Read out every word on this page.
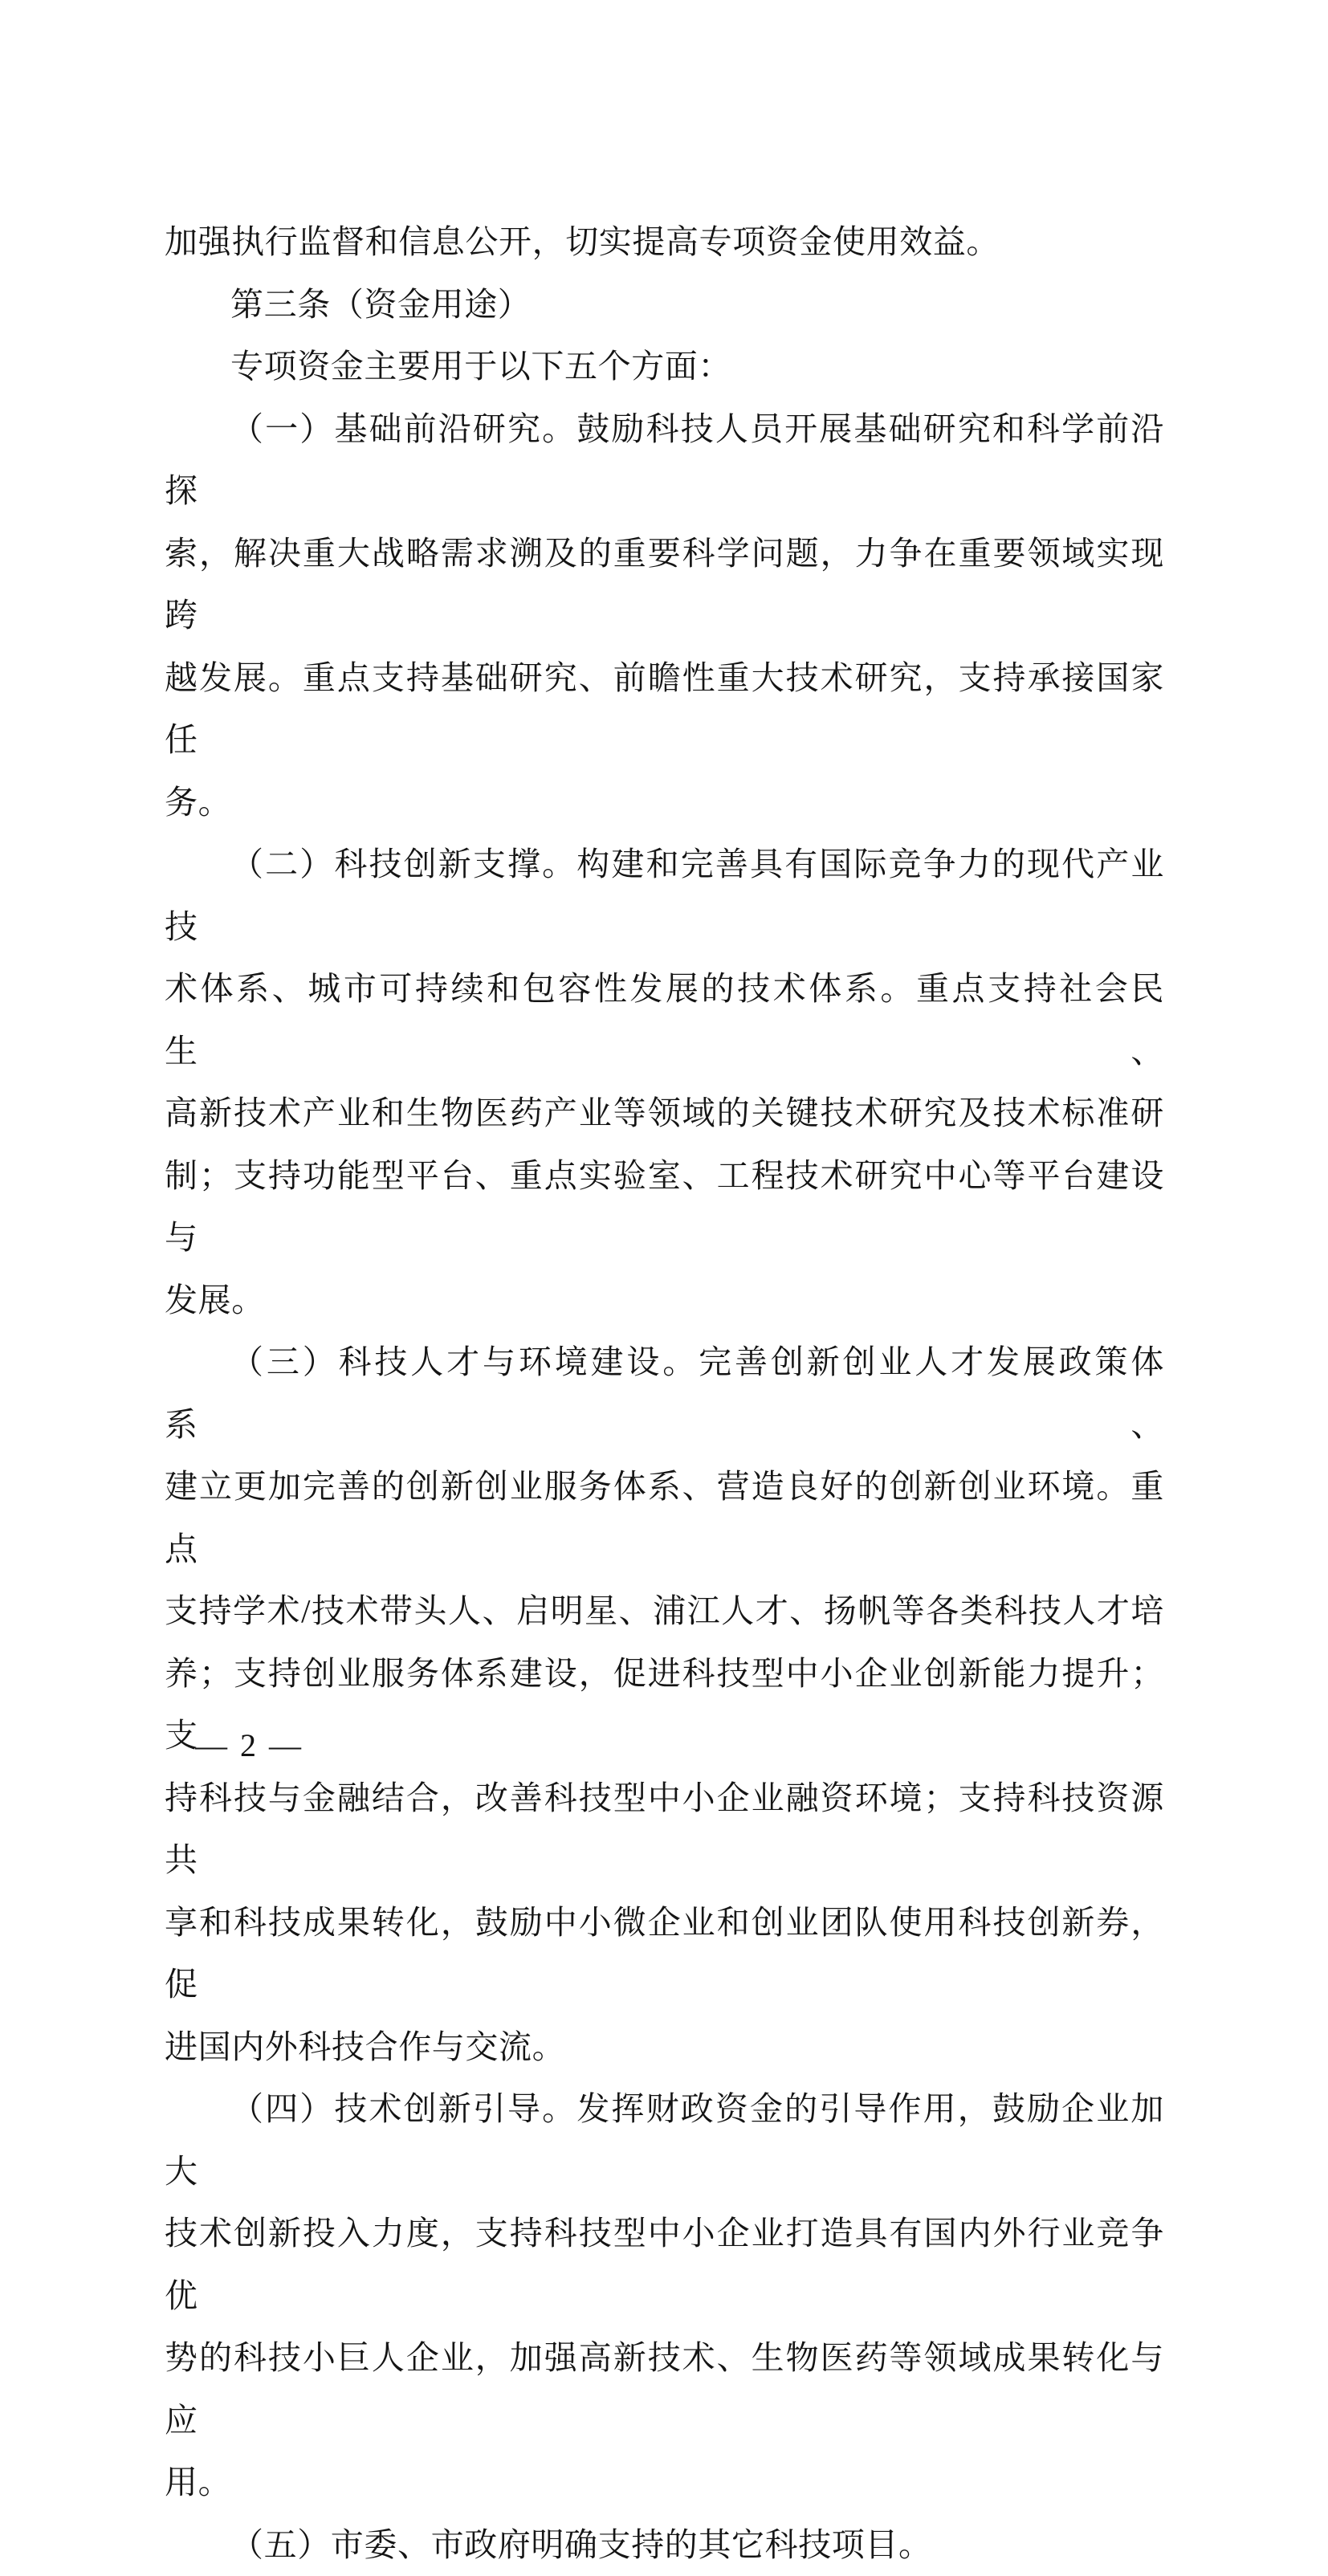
加强执行监督和信息公开，切实提高专项资金使用效益。

第三条（资金用途）

专项资金主要用于以下五个方面：

（一）基础前沿研究。鼓励科技人员开展基础研究和科学前沿探
索，解决重大战略需求溯及的重要科学问题，力争在重要领域实现跨
越发展。重点支持基础研究、前瞻性重大技术研究，支持承接国家任
务。

（二）科技创新支撑。构建和完善具有国际竞争力的现代产业技
术体系、城市可持续和包容性发展的技术体系。重点支持社会民生、
高新技术产业和生物医药产业等领域的关键技术研究及技术标准研
制；支持功能型平台、重点实验室、工程技术研究中心等平台建设与
发展。

（三）科技人才与环境建设。完善创新创业人才发展政策体系、
建立更加完善的创新创业服务体系、营造良好的创新创业环境。重点
支持学术/技术带头人、启明星、浦江人才、扬帆等各类科技人才培
养；支持创业服务体系建设，促进科技型中小企业创新能力提升；支
持科技与金融结合，改善科技型中小企业融资环境；支持科技资源共
享和科技成果转化，鼓励中小微企业和创业团队使用科技创新券，促
进国内外科技合作与交流。

（四）技术创新引导。发挥财政资金的引导作用，鼓励企业加大
技术创新投入力度，支持科技型中小企业打造具有国内外行业竞争优
势的科技小巨人企业，加强高新技术、生物医药等领域成果转化与应
用。

（五）市委、市政府明确支持的其它科技项目。

— 2 —
